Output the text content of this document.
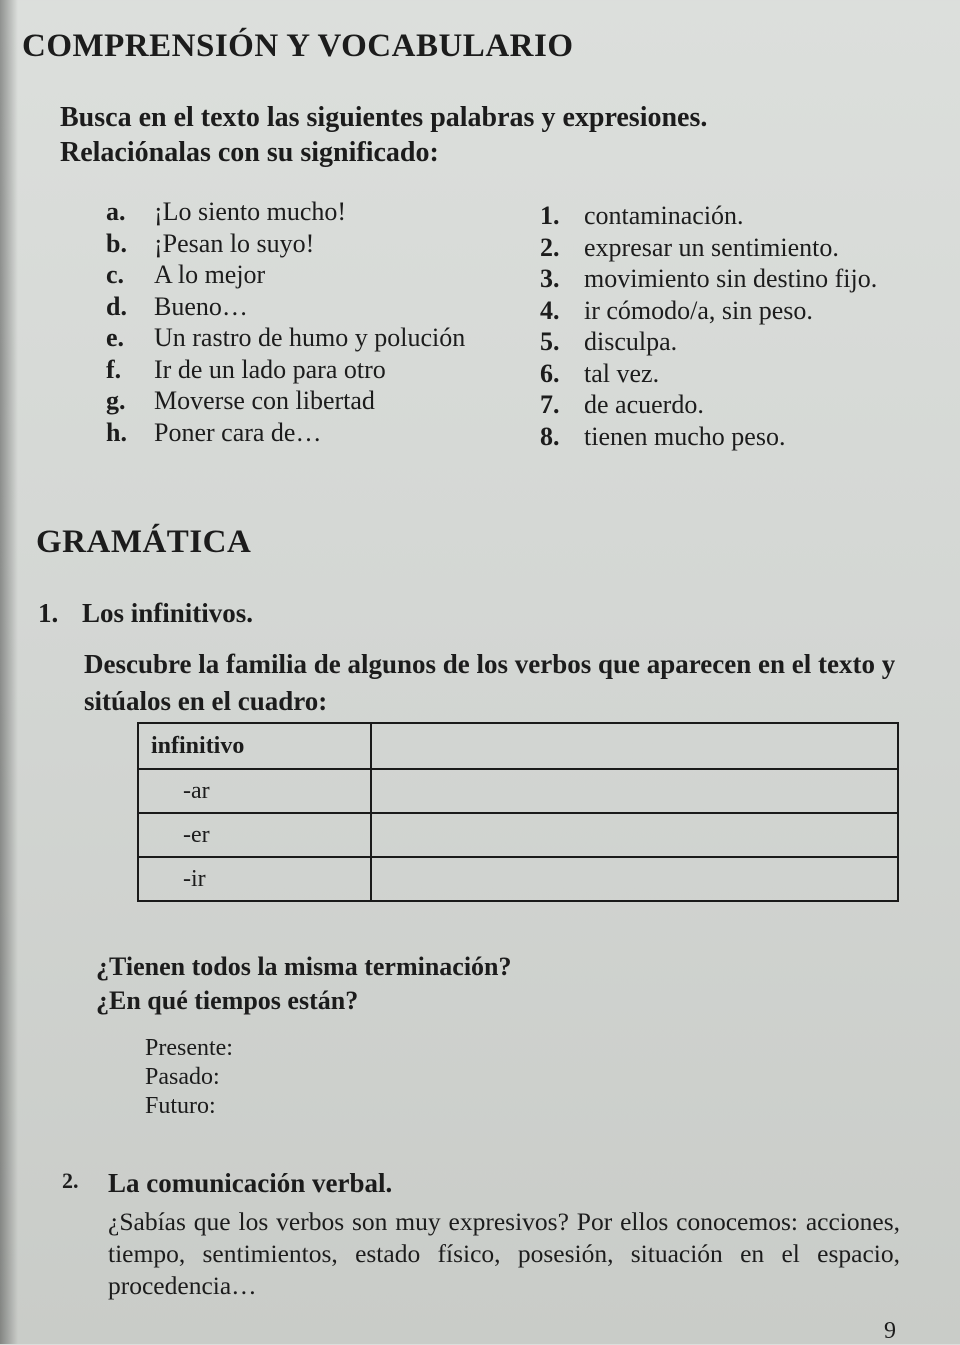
COMPRENSIÓN Y VOCABULARIO
Busca en el texto las siguientes palabras y expresiones.
Relaciónalas con su significado:
a. ¡Lo siento mucho!
b. ¡Pesan lo suyo!
c. A lo mejor
d. Bueno…
e. Un rastro de humo y polución
f. Ir de un lado para otro
g. Moverse con libertad
h. Poner cara de…
1. contaminación.
2. expresar un sentimiento.
3. movimiento sin destino fijo.
4. ir cómodo/a, sin peso.
5. disculpa.
6. tal vez.
7. de acuerdo.
8. tienen mucho peso.
GRAMÁTICA
1. Los infinitivos.

Descubre la familia de algunos de los verbos que aparecen en el texto y sitúalos en el cuadro:

infinitivo	
-ar	
-er	
-ir	
¿Tienen todos la misma terminación?
¿En qué tiempos están?
Presente:
Pasado:
Futuro:
2. La comunicación verbal.

¿Sabías que los verbos son muy expresivos? Por ellos conocemos: acciones, tiempo, sentimientos, estado físico, posesión, situación en el espacio, procedencia…

9
